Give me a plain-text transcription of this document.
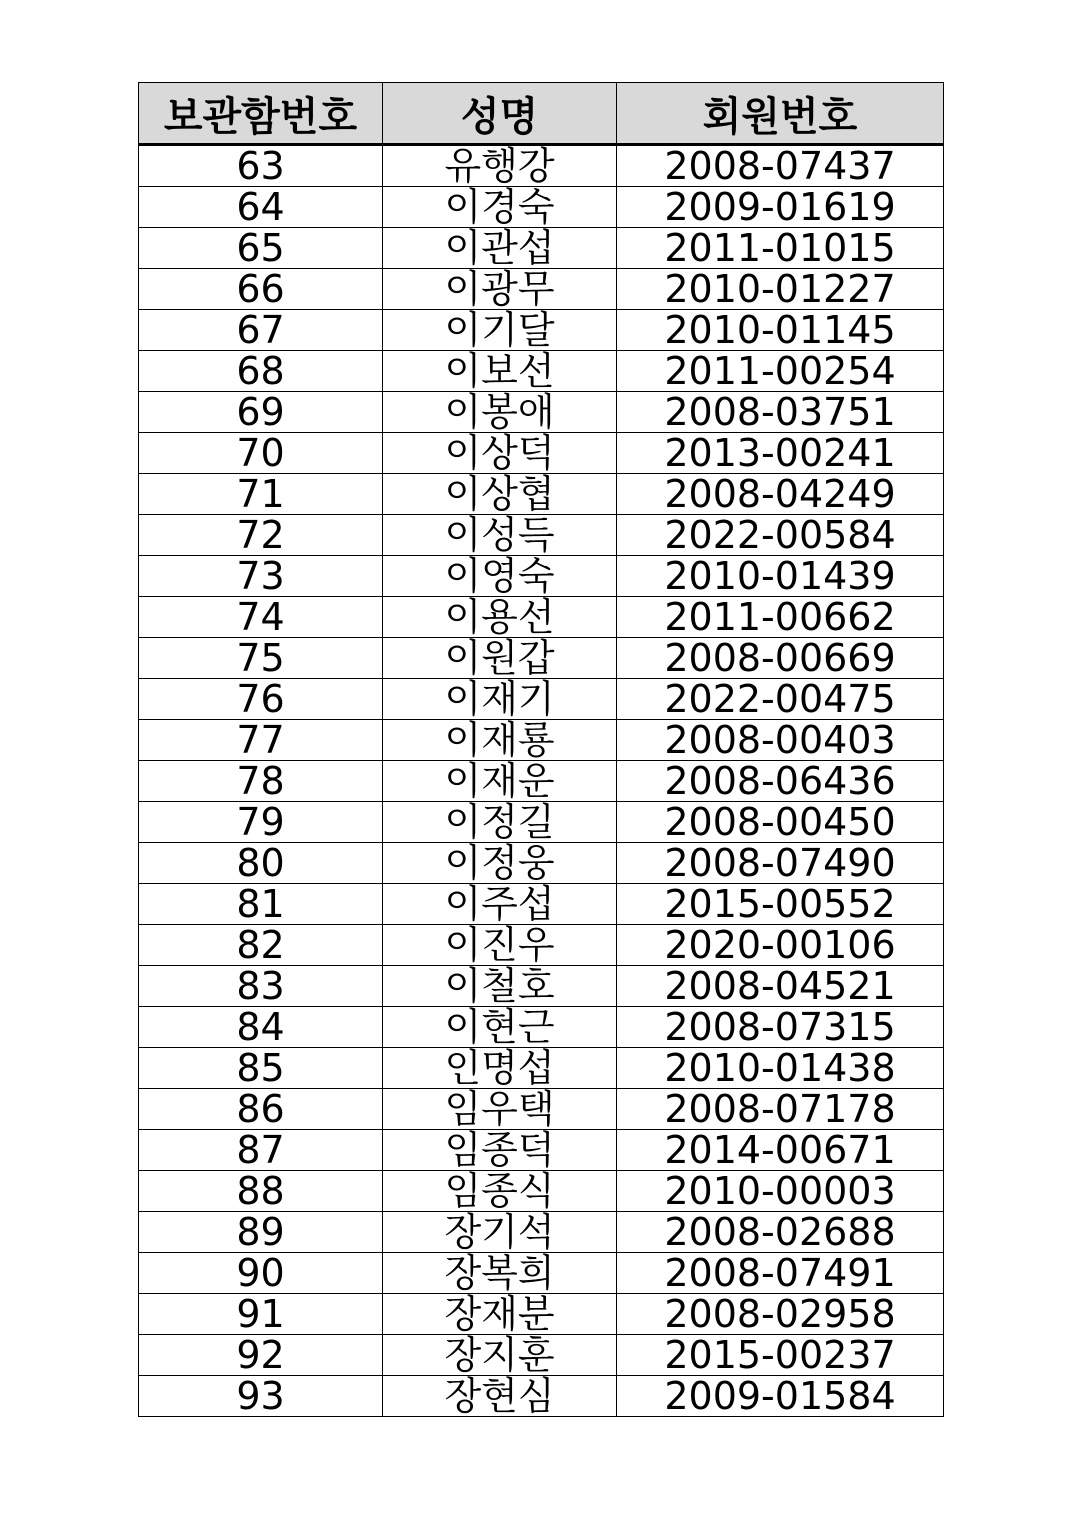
보관함번호	성명	회원번호
63	유행강	2008-07437
64	이경숙	2009-01619
65	이관섭	2011-01015
66	이광무	2010-01227
67	이기달	2010-01145
68	이보선	2011-00254
69	이봉애	2008-03751
70	이상덕	2013-00241
71	이상협	2008-04249
72	이성득	2022-00584
73	이영숙	2010-01439
74	이용선	2011-00662
75	이원갑	2008-00669
76	이재기	2022-00475
77	이재룡	2008-00403
78	이재운	2008-06436
79	이정길	2008-00450
80	이정웅	2008-07490
81	이주섭	2015-00552
82	이진우	2020-00106
83	이철호	2008-04521
84	이현근	2008-07315
85	인명섭	2010-01438
86	임우택	2008-07178
87	임종덕	2014-00671
88	임종식	2010-00003
89	장기석	2008-02688
90	장복희	2008-07491
91	장재분	2008-02958
92	장지훈	2015-00237
93	장현심	2009-01584
